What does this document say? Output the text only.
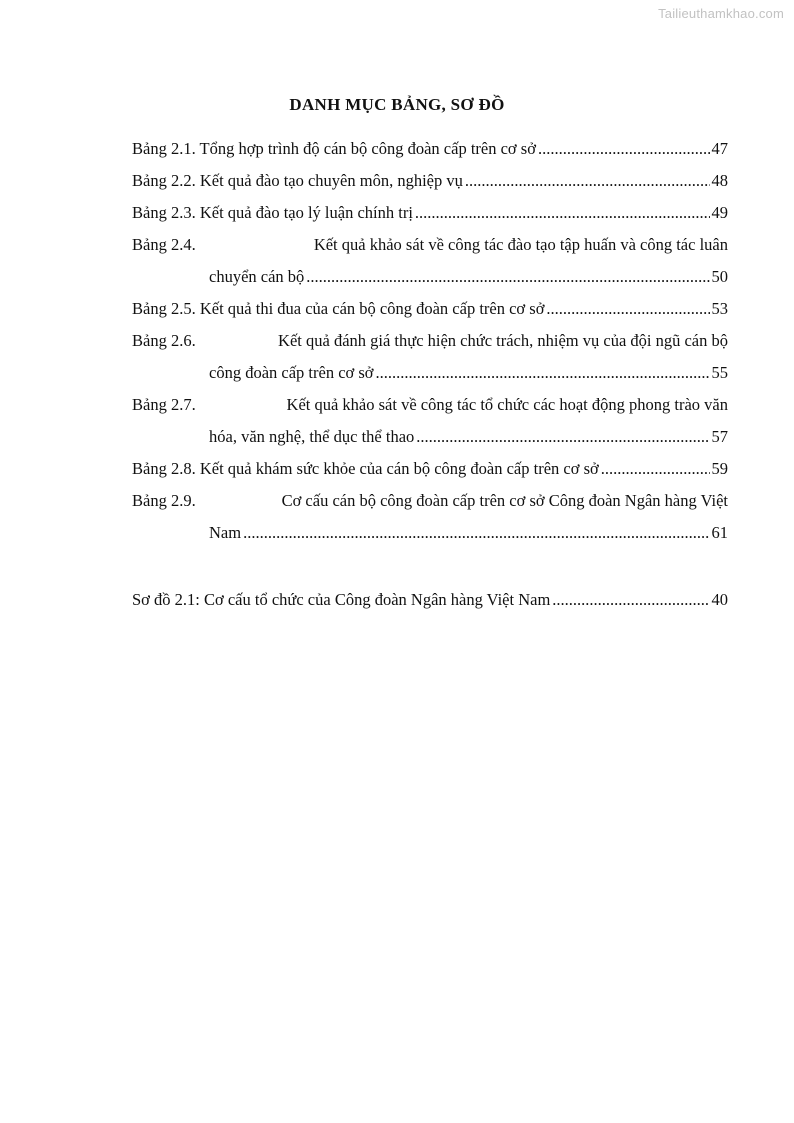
Tailieuthamkhao.com
DANH MỤC BẢNG, SƠ ĐỒ
Bảng 2.1. Tổng hợp trình độ cán bộ công đoàn cấp trên cơ sở .....	47
Bảng 2.2. Kết quả đào tạo chuyên môn, nghiệp vụ .....	48
Bảng 2.3. Kết quả đào tạo lý luận chính trị .....	49
Bảng 2.4.	Kết quả khảo sát về công tác đào tạo tập huấn và công tác luân
chuyển cán bộ .....	50
Bảng 2.5. Kết quả thi đua của cán bộ công đoàn cấp trên cơ sở .....	53
Bảng 2.6.	Kết quả đánh giá thực hiện chức trách, nhiệm vụ của đội ngũ cán bộ
công đoàn cấp trên cơ sở .....	55
Bảng 2.7.	Kết quả khảo sát về công tác tổ chức các hoạt động phong trào văn
hóa, văn nghệ, thể dục thể thao .....	57
Bảng 2.8. Kết quả khám sức khỏe của cán bộ công đoàn cấp trên cơ sở .....	59
Bảng 2.9.	Cơ cấu cán bộ công đoàn cấp trên cơ sở Công đoàn Ngân hàng Việt
Nam .....	61
Sơ đồ 2.1: Cơ cấu tổ chức của Công đoàn Ngân hàng Việt Nam .....	40
